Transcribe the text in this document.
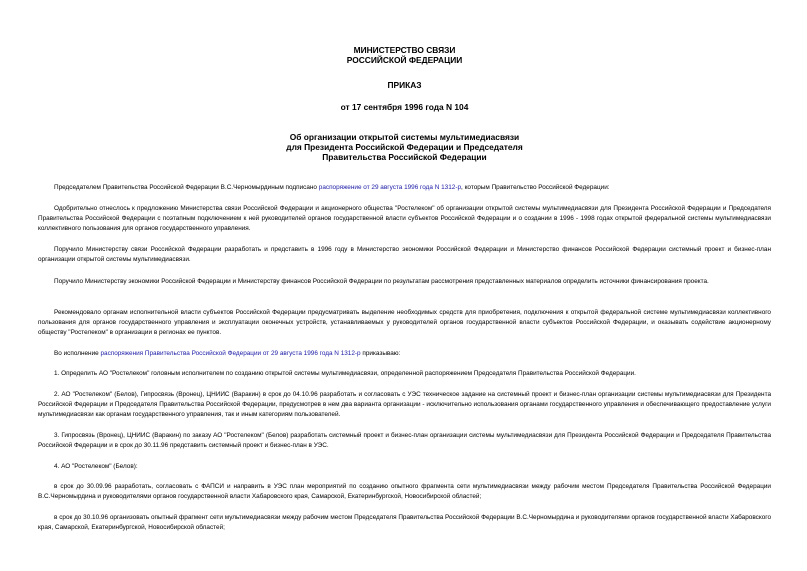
МИНИСТЕРСТВО СВЯЗИ
РОССИЙСКОЙ ФЕДЕРАЦИИ
ПРИКАЗ
от 17 сентября 1996 года N 104
Об организации открытой системы мультимедиасвязи
для Президента Российской Федерации и Председателя
Правительства Российской Федерации

Председателем Правительства Российской Федерации В.С.Черномырдиным подписано распоряжение от 29 августа 1996 года N 1312-р, которым Правительство Российской Федерации:

Одобрительно отнеслось к предложению Министерства связи Российской Федерации и акционерного общества "Ростелеком" об организации открытой системы мультимедиасвязи для Президента Российской Федерации и Председателя Правительства Российской Федерации с поэтапным подключением к ней руководителей органов государственной власти субъектов Российской Федерации и о создании в 1996 - 1998 годах открытой федеральной системы мультимедиасвязи коллективного пользования для органов государственного управления.

Поручило Министерству связи Российской Федерации разработать и представить в 1996 году в Министерство экономики Российской Федерации и Министерство финансов Российской Федерации системный проект и бизнес-план организации открытой системы мультимедиасвязи.

Поручило Министерству экономики Российской Федерации и Министерству финансов Российской Федерации по результатам рассмотрения представленных материалов определить источники финансирования проекта.

Рекомендовало органам исполнительной власти субъектов Российской Федерации предусматривать выделение необходимых средств для приобретения, подключения к открытой федеральной системе мультимедиасвязи коллективного пользования для органов государственного управления и эксплуатации оконечных устройств, устанавливаемых у руководителей органов государственной власти субъектов Российской Федерации, и оказывать содействие акционерному обществу "Ростелеком" в организации в регионах ее пунктов.

Во исполнение распоряжения Правительства Российской Федерации от 29 августа 1996 года N 1312-р приказываю:

1. Определить АО "Ростелеком" головным исполнителем по созданию открытой системы мультимедиасвязи, определенной распоряжением Председателя Правительства Российской Федерации.

2. АО "Ростелеком" (Белов), Гипросвязь (Вронец), ЦНИИС (Варакин) в срок до 04.10.96 разработать и согласовать с УЭС техническое задание на системный проект и бизнес-план организации системы мультимедиасвязи для Президента Российской Федерации и Председателя Правительства Российской Федерации, предусмотрев в нем два варианта организации - исключительно использования органами государственного управления и обеспечивающего предоставление услуги мультимедиасвязи как органам государственного управления, так и иным категориям пользователей.

3. Гипросвязь (Вронец), ЦНИИС (Варакин) по заказу АО "Ростелеком" (Белов) разработать системный проект и бизнес-план организации системы мультимедиасвязи для Президента Российской Федерации и Председателя Правительства Российской Федерации и в срок до 30.11.96 представить системный проект и бизнес-план в УЭС.

4. АО "Ростелеком" (Белов):

в срок до 30.09.96 разработать, согласовать с ФАПСИ и направить в УЭС план мероприятий по созданию опытного фрагмента сети мультимедиасвязи между рабочим местом Председателя Правительства Российской Федерации В.С.Черномырдина и руководителями органов государственной власти Хабаровского края, Самарской, Екатеринбургской, Новосибирской областей;

в срок до 30.10.96 организовать опытный фрагмент сети мультимедиасвязи между рабочим местом Председателя Правительства Российской Федерации В.С.Черномырдина и руководителями органов государственной власти Хабаровского края, Самарской, Екатеринбургской, Новосибирской областей;
